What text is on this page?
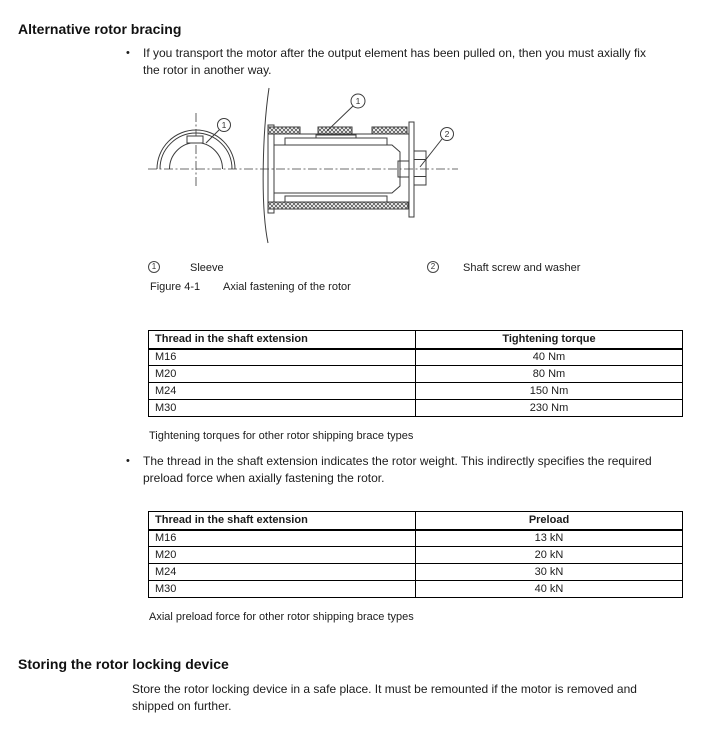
Alternative rotor bracing
•	If you transport the motor after the output element has been pulled on, then you must axially fix the rotor in another way.
1
1
2
1	Sleeve	2	Shaft screw and washer
Figure 4-1 Axial fastening of the rotor
Thread in the shaft extension	Tightening torque
M16	40 Nm
M20	80 Nm
M24	150 Nm
M30	230 Nm
Tightening torques for other rotor shipping brace types
•	The thread in the shaft extension indicates the rotor weight. This indirectly specifies the required preload force when axially fastening the rotor.
Thread in the shaft extension	Preload
M16	13 kN
M20	20 kN
M24	30 kN
M30	40 kN
Axial preload force for other rotor shipping brace types
Storing the rotor locking device
Store the rotor locking device in a safe place. It must be remounted if the motor is removed and shipped on further.
